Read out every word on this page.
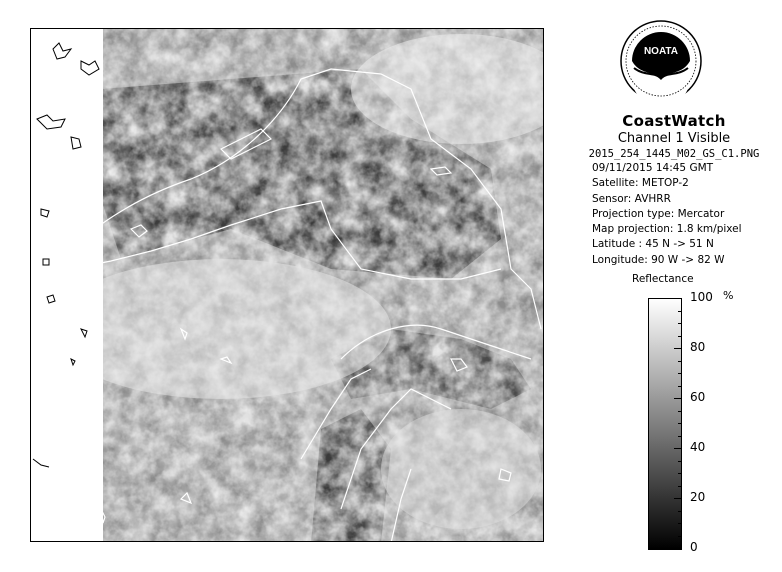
NOATA
CoastWatch
Channel 1 Visible
2015_254_1445_M02_GS_C1.PNG
09/11/2015 14:45 GMT
Satellite: METOP-2
Sensor: AVHRR
Projection type: Mercator
Map projection: 1.8 km/pixel
Latitude : 45 N -> 51 N
Longitude: 90 W -> 82 W
Reflectance
100
80
60
40
20
0
%
